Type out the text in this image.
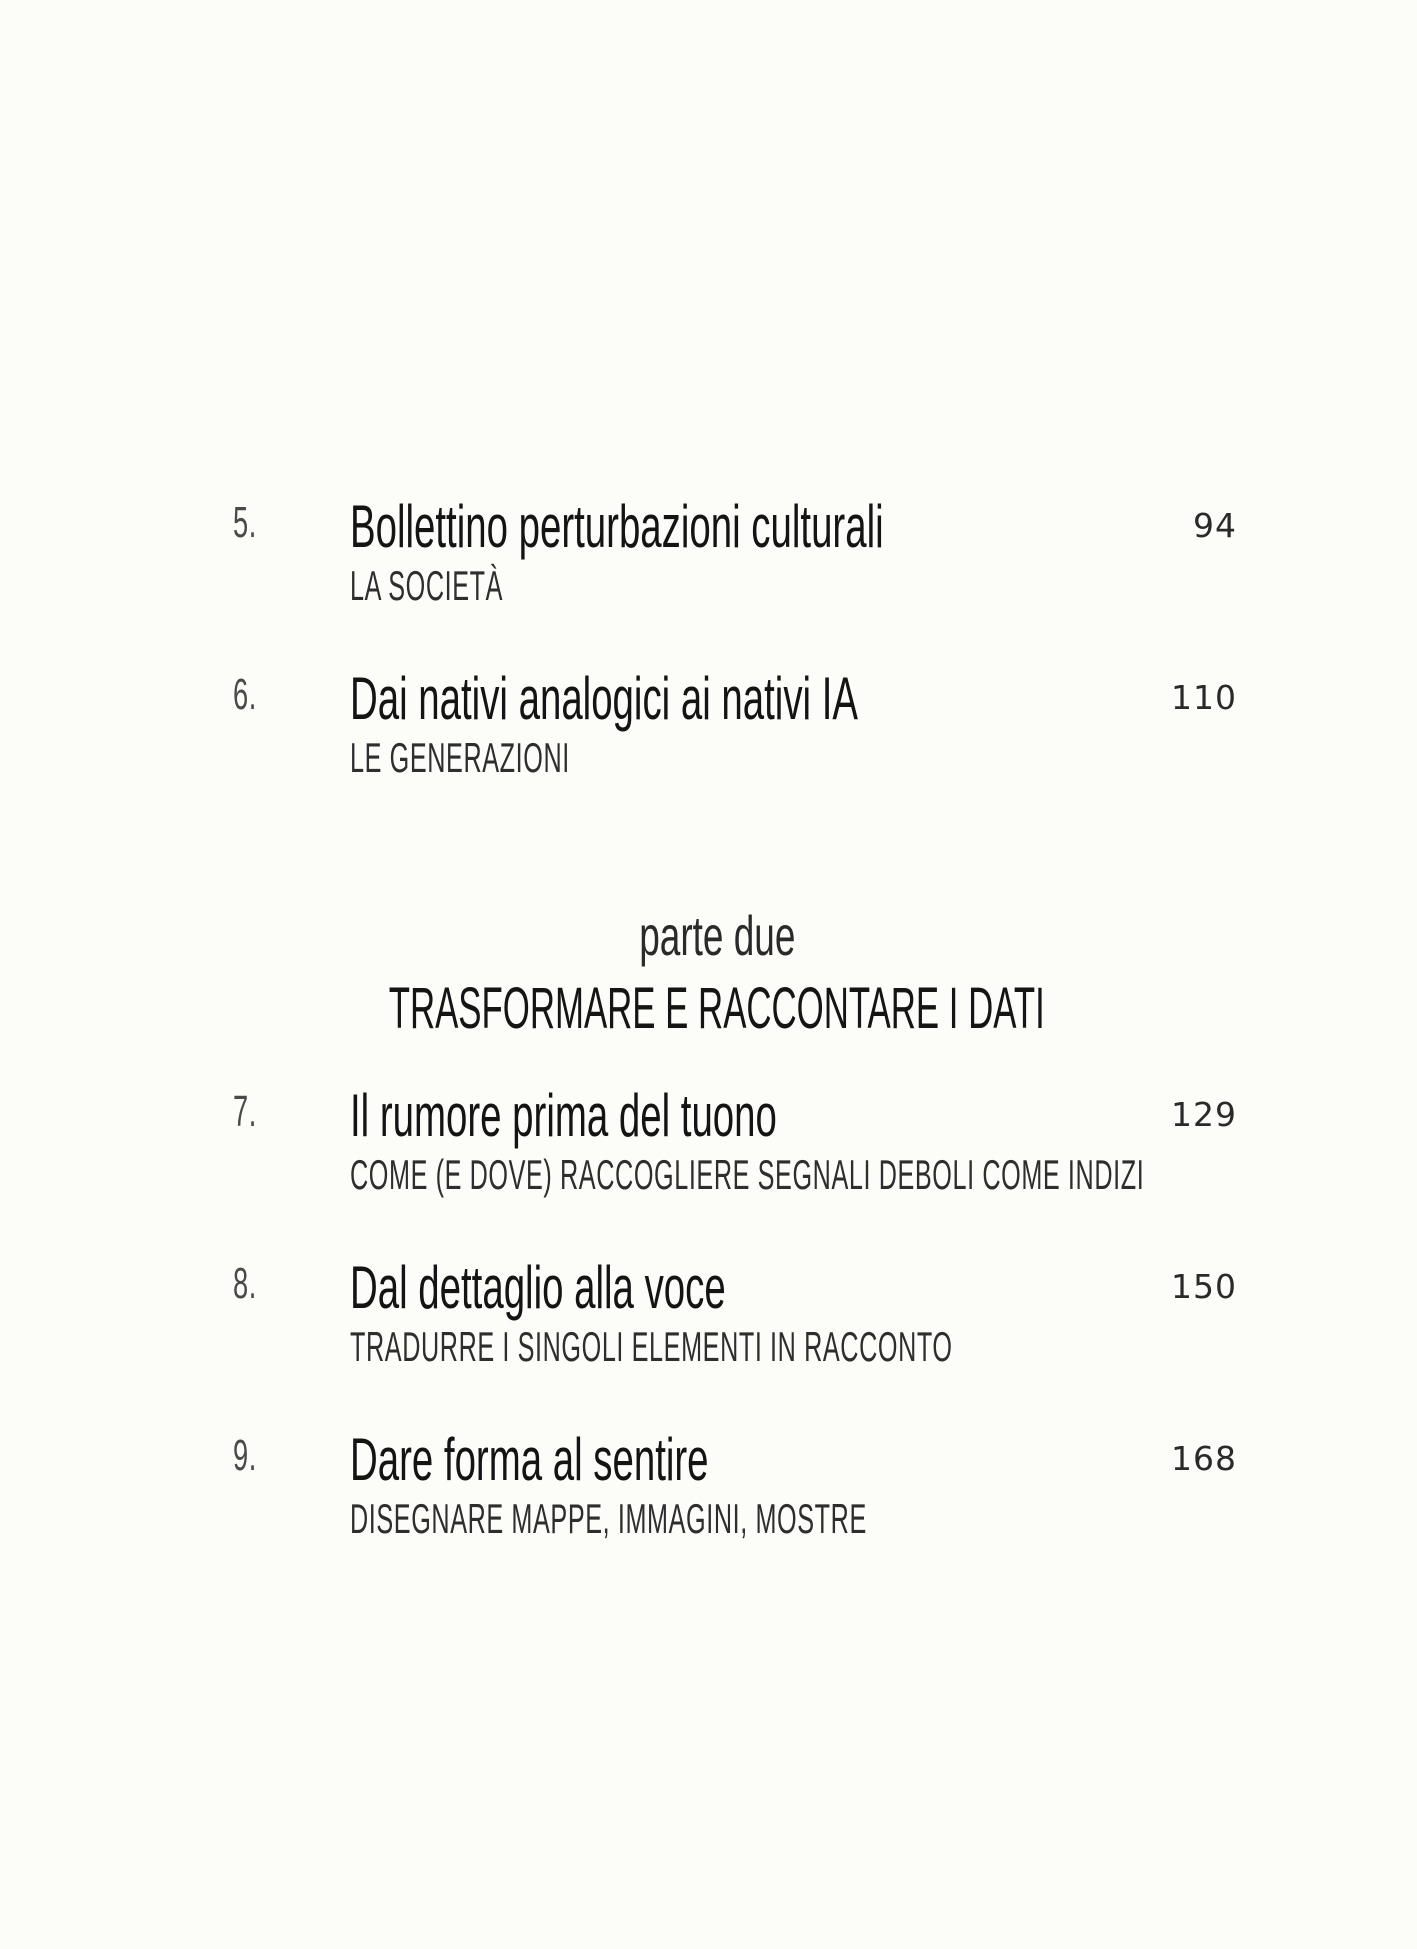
5. Bollettino perturbazioni culturali	94
LA SOCIETÀ
6. Dai nativi analogici ai nativi IA	110
LE GENERAZIONI
parte due
TRASFORMARE E RACCONTARE I DATI
7. Il rumore prima del tuono	129
COME (E DOVE) RACCOGLIERE SEGNALI DEBOLI COME INDIZI
8. Dal dettaglio alla voce	150
TRADURRE I SINGOLI ELEMENTI IN RACCONTO
9. Dare forma al sentire	168
DISEGNARE MAPPE, IMMAGINI, MOSTRE
